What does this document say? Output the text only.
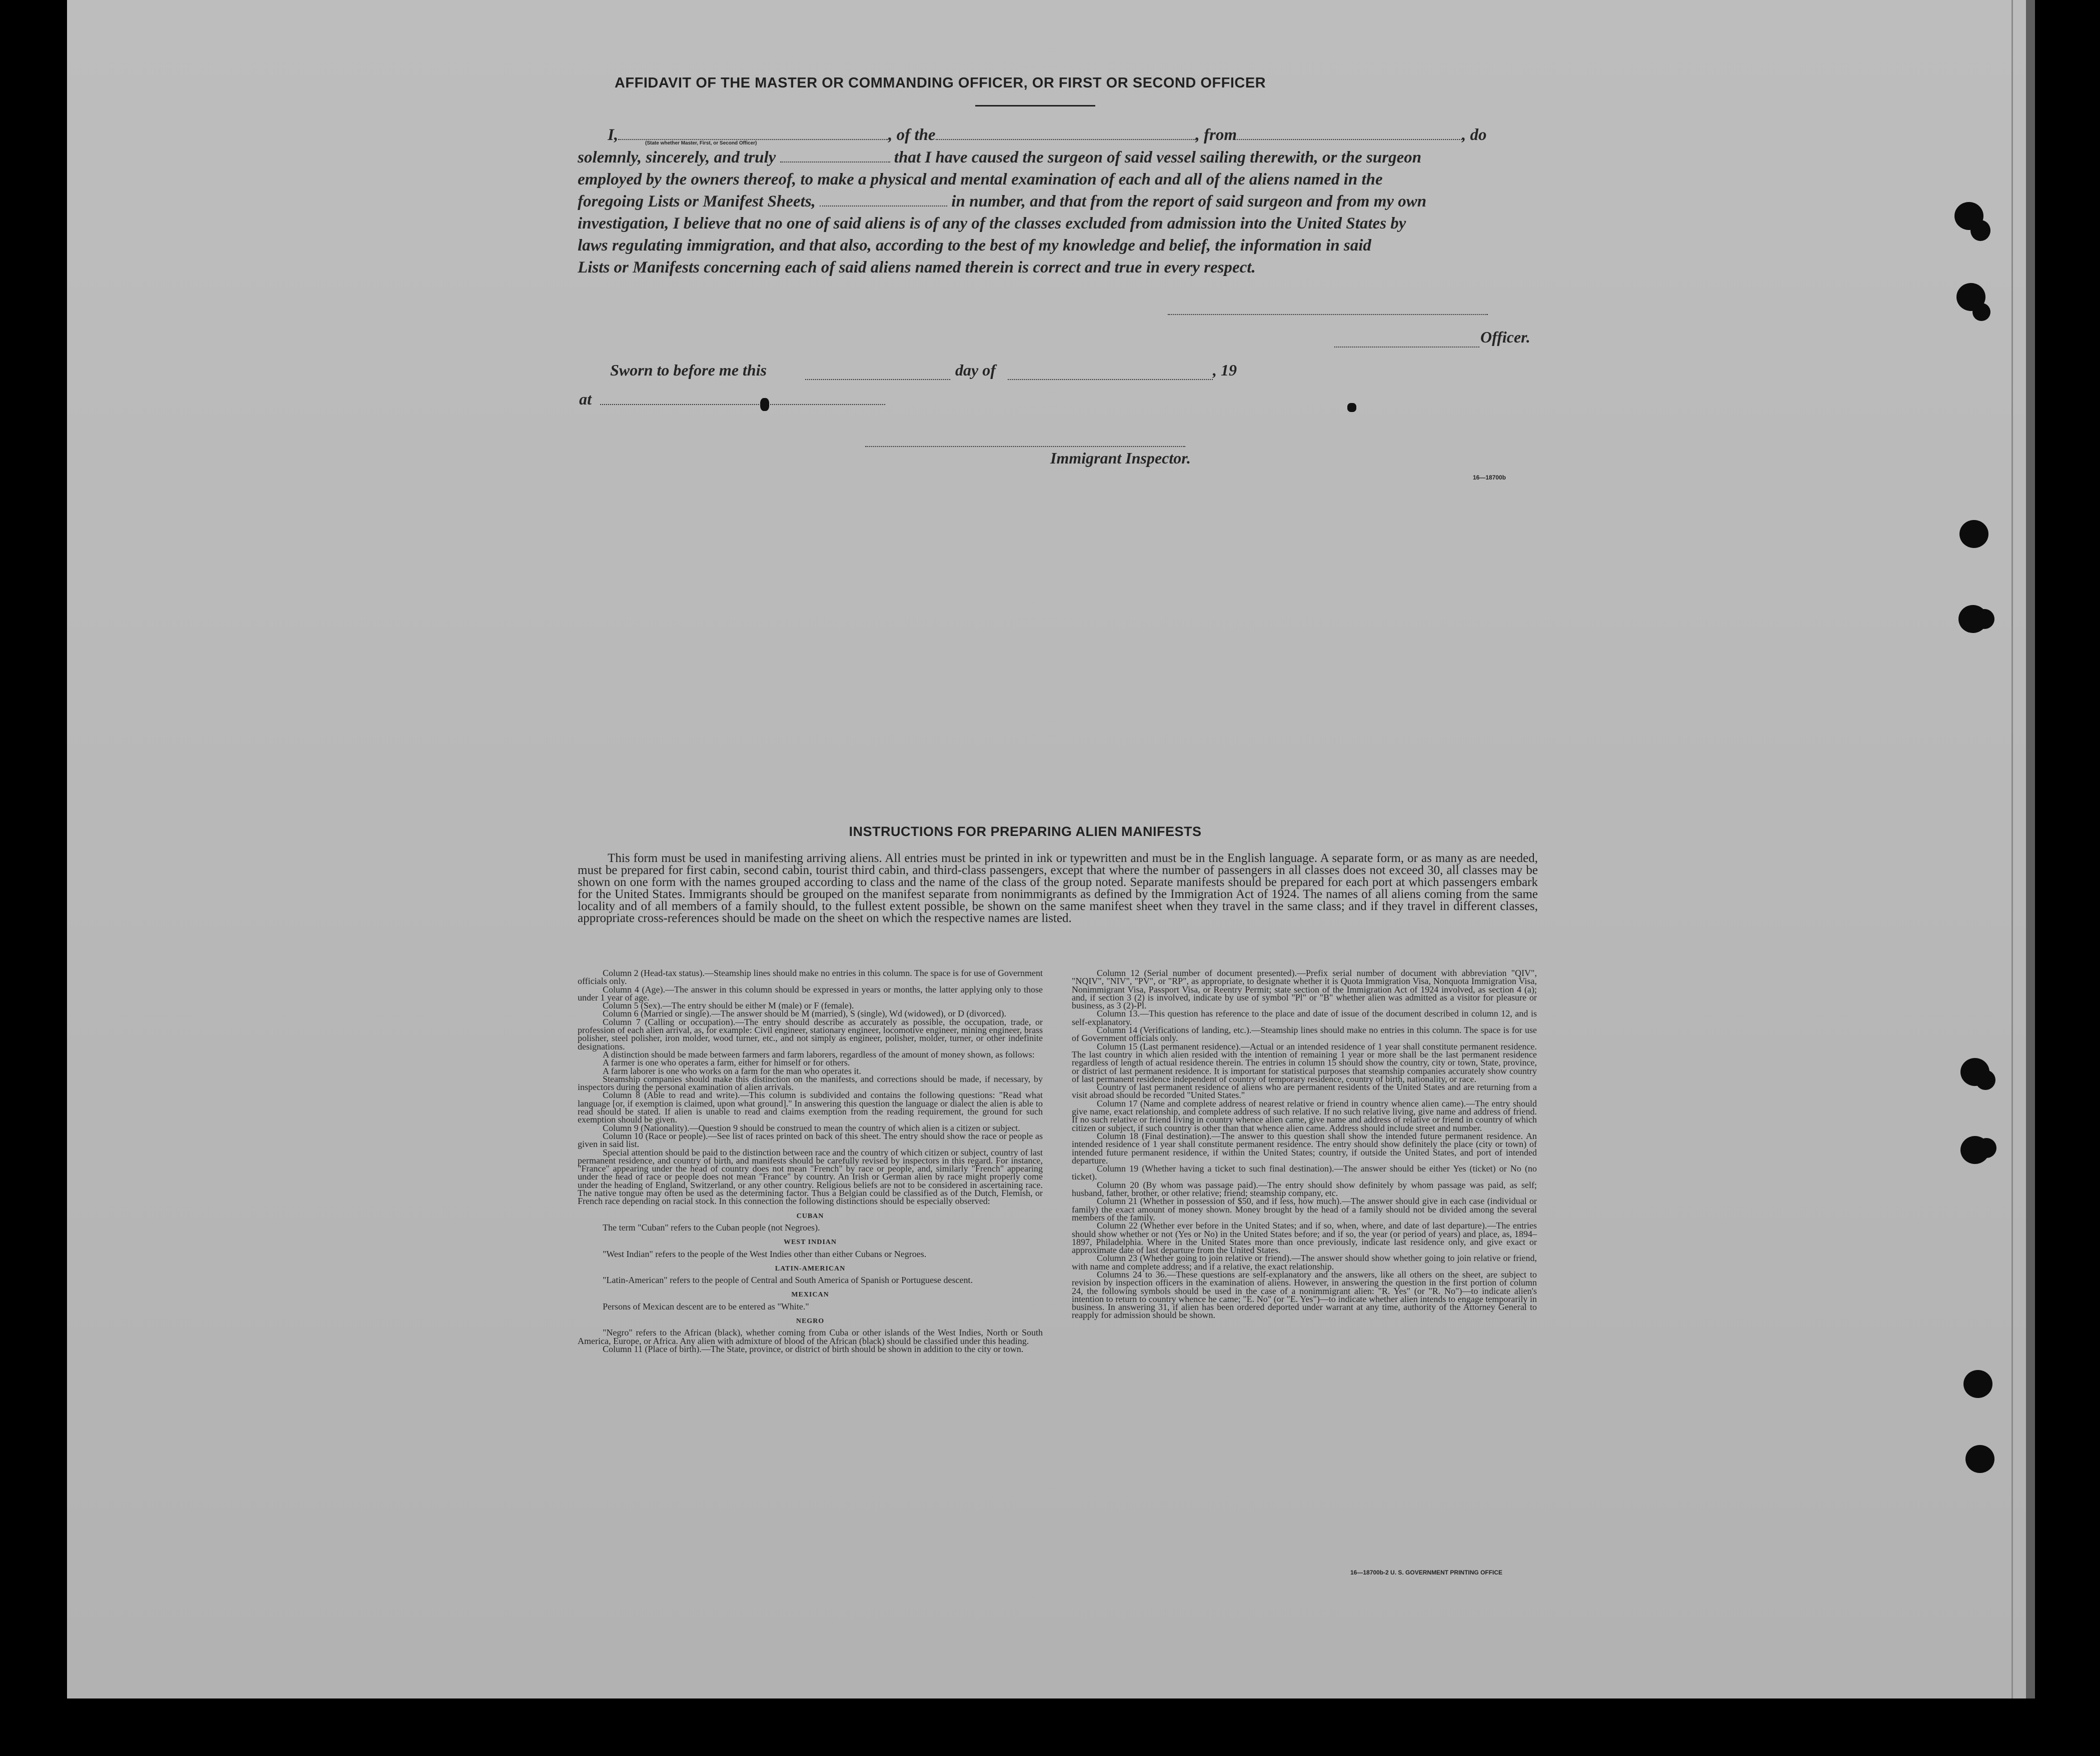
AFFIDAVIT OF THE MASTER OR COMMANDING OFFICER, OR FIRST OR SECOND OFFICER
I,	, of the	, from	, do
(State whether Master, First, or Second Officer)
solemnly, sincerely, and truly	that I have caused the surgeon of said vessel sailing therewith, or the surgeon
employed by the owners thereof, to make a physical and mental examination of each and all of the aliens named in the
foregoing Lists or Manifest Sheets,	in number, and that from the report of said surgeon and from my own
investigation, I believe that no one of said aliens is of any of the classes excluded from admission into the United States by
laws regulating immigration, and that also, according to the best of my knowledge and belief, the information in said
Lists or Manifests concerning each of said aliens named therein is correct and true in every respect.
Officer.
Sworn to before me this	day of	, 19
at
Immigrant Inspector.
16—18700b
INSTRUCTIONS FOR PREPARING ALIEN MANIFESTS
This form must be used in manifesting arriving aliens. All entries must be printed in ink or typewritten and must be in the English language. A separate form, or as many as are needed, must be prepared for first cabin, second cabin, tourist third cabin, and third-class passengers, except that where the number of passengers in all classes does not exceed 30, all classes may be shown on one form with the names grouped according to class and the name of the class of the group noted. Separate manifests should be prepared for each port at which passengers embark for the United States. Immigrants should be grouped on the manifest separate from nonimmigrants as defined by the Immigration Act of 1924. The names of all aliens coming from the same locality and of all members of a family should, to the fullest extent possible, be shown on the same manifest sheet when they travel in the same class; and if they travel in different classes, appropriate cross-references should be made on the sheet on which the respective names are listed.

Column 2 (Head-tax status).—Steamship lines should make no entries in this column. The space is for use of Government officials only.

Column 4 (Age).—The answer in this column should be expressed in years or months, the latter applying only to those under 1 year of age.

Column 5 (Sex).—The entry should be either M (male) or F (female).

Column 6 (Married or single).—The answer should be M (married), S (single), Wd (widowed), or D (divorced).

Column 7 (Calling or occupation).—The entry should describe as accurately as possible, the occupation, trade, or profession of each alien arrival, as, for example: Civil engineer, stationary engineer, locomotive engineer, mining engineer, brass polisher, steel polisher, iron molder, wood turner, etc., and not simply as engineer, polisher, molder, turner, or other indefinite designations.

A distinction should be made between farmers and farm laborers, regardless of the amount of money shown, as follows:

A farmer is one who operates a farm, either for himself or for others.

A farm laborer is one who works on a farm for the man who operates it.

Steamship companies should make this distinction on the manifests, and corrections should be made, if necessary, by inspectors during the personal examination of alien arrivals.

Column 8 (Able to read and write).—This column is subdivided and contains the following questions: "Read what language [or, if exemption is claimed, upon what ground]." In answering this question the language or dialect the alien is able to read should be stated. If alien is unable to read and claims exemption from the reading requirement, the ground for such exemption should be given.

Column 9 (Nationality).—Question 9 should be construed to mean the country of which alien is a citizen or subject.

Column 10 (Race or people).—See list of races printed on back of this sheet. The entry should show the race or people as given in said list.

Special attention should be paid to the distinction between race and the country of which citizen or subject, country of last permanent residence, and country of birth, and manifests should be carefully revised by inspectors in this regard. For instance, "France" appearing under the head of country does not mean "French" by race or people, and, similarly "French" appearing under the head of race or people does not mean "France" by country. An Irish or German alien by race might properly come under the heading of England, Switzerland, or any other country. Religious beliefs are not to be considered in ascertaining race. The native tongue may often be used as the determining factor. Thus a Belgian could be classified as of the Dutch, Flemish, or French race depending on racial stock. In this connection the following distinctions should be especially observed:

CUBAN

The term "Cuban" refers to the Cuban people (not Negroes).

WEST INDIAN

"West Indian" refers to the people of the West Indies other than either Cubans or Negroes.

LATIN-AMERICAN

"Latin-American" refers to the people of Central and South America of Spanish or Portuguese descent.

MEXICAN

Persons of Mexican descent are to be entered as "White."

NEGRO

"Negro" refers to the African (black), whether coming from Cuba or other islands of the West Indies, North or South America, Europe, or Africa. Any alien with admixture of blood of the African (black) should be classified under this heading.

Column 11 (Place of birth).—The State, province, or district of birth should be shown in addition to the city or town.

Column 12 (Serial number of document presented).—Prefix serial number of document with abbreviation "QIV", "NQIV", "NIV", "PV", or "RP", as appropriate, to designate whether it is Quota Immigration Visa, Nonquota Immigration Visa, Nonimmigrant Visa, Passport Visa, or Reentry Permit; state section of the Immigration Act of 1924 involved, as section 4 (a); and, if section 3 (2) is involved, indicate by use of symbol "Pl" or "B" whether alien was admitted as a visitor for pleasure or business, as 3 (2)-Pl.

Column 13.—This question has reference to the place and date of issue of the document described in column 12, and is self-explanatory.

Column 14 (Verifications of landing, etc.).—Steamship lines should make no entries in this column. The space is for use of Government officials only.

Column 15 (Last permanent residence).—Actual or an intended residence of 1 year shall constitute permanent residence. The last country in which alien resided with the intention of remaining 1 year or more shall be the last permanent residence regardless of length of actual residence therein. The entries in column 15 should show the country, city or town, State, province, or district of last permanent residence. It is important for statistical purposes that steamship companies accurately show country of last permanent residence independent of country of temporary residence, country of birth, nationality, or race.

Country of last permanent residence of aliens who are permanent residents of the United States and are returning from a visit abroad should be recorded "United States."

Column 17 (Name and complete address of nearest relative or friend in country whence alien came).—The entry should give name, exact relationship, and complete address of such relative. If no such relative living, give name and address of friend. If no such relative or friend living in country whence alien came, give name and address of relative or friend in country of which citizen or subject, if such country is other than that whence alien came. Address should include street and number.

Column 18 (Final destination).—The answer to this question shall show the intended future permanent residence. An intended residence of 1 year shall constitute permanent residence. The entry should show definitely the place (city or town) of intended future permanent residence, if within the United States; country, if outside the United States, and port of intended departure.

Column 19 (Whether having a ticket to such final destination).—The answer should be either Yes (ticket) or No (no ticket).

Column 20 (By whom was passage paid).—The entry should show definitely by whom passage was paid, as self; husband, father, brother, or other relative; friend; steamship company, etc.

Column 21 (Whether in possession of $50, and if less, how much).—The answer should give in each case (individual or family) the exact amount of money shown. Money brought by the head of a family should not be divided among the several members of the family.

Column 22 (Whether ever before in the United States; and if so, when, where, and date of last departure).—The entries should show whether or not (Yes or No) in the United States before; and if so, the year (or period of years) and place, as, 1894–1897, Philadelphia. Where in the United States more than once previously, indicate last residence only, and give exact or approximate date of last departure from the United States.

Column 23 (Whether going to join relative or friend).—The answer should show whether going to join relative or friend, with name and complete address; and if a relative, the exact relationship.

Columns 24 to 36.—These questions are self-explanatory and the answers, like all others on the sheet, are subject to revision by inspection officers in the examination of aliens. However, in answering the question in the first portion of column 24, the following symbols should be used in the case of a nonimmigrant alien: "R. Yes" (or "R. No")—to indicate alien's intention to return to country whence he came; "E. No" (or "E. Yes")—to indicate whether alien intends to engage temporarily in business. In answering 31, if alien has been ordered deported under warrant at any time, authority of the Attorney General to reapply for admission should be shown.

16—18700b-2 U. S. GOVERNMENT PRINTING OFFICE
